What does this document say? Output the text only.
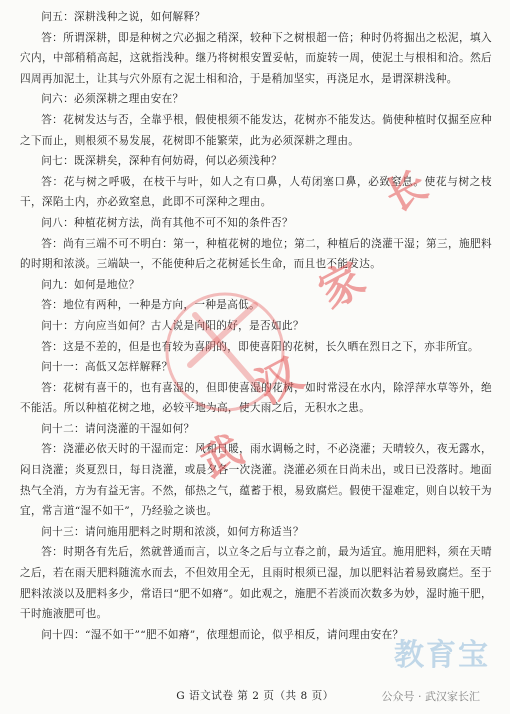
问五：深耕浅种之说，如何解释？

答：所谓深耕，即是种树之穴必掘之稍深，较种下之树根超一倍；种时仍将掘出之松泥，填入穴内，中部稍稍高起，这就指浅种。继乃将树根安置妥帖，而旋转一周，使泥土与根相和洽。然后四周再加泥土，让其与穴外原有之泥土相和洽，于是稍加坚实，再浇足水，是谓深耕浅种。

问六：必须深耕之理由安在？

答：花树发达与否，全靠乎根，假使根须不能发达，花树亦不能发达。倘使种植时仅掘至应种之下而止，则根须不易发展，花树即不能繁荣，此为必须深耕之理由。

问七：既深耕矣，深种有何妨碍，何以必须浅种？

答：花与树之呼吸，在枝干与叶，如人之有口鼻，人苟闭塞口鼻，必致窒息。使花与树之枝干，深陷土内，亦必致窒息，此即不可深种之理由。

问八：种植花树方法，尚有其他不可不知的条件否？

答：尚有三端不可不明白：第一，种植花树的地位；第二，种植后的浇灌干湿；第三，施肥料的时期和浓淡。三端缺一，不能使种后之花树延长生命，而且也不能发达。

问九：如何是地位？

答：地位有两种，一种是方向，一种是高低。

问十：方向应当如何？古人说是向阳的好，是否如此？

答：这是不差的，但是也有较为喜阴的，即使喜阳的花树，长久晒在烈日之下，亦非所宜。

问十一：高低又怎样解释？

答：花树有喜干的，也有喜湿的，但即使喜湿的花树，如时常浸在水内，除浮萍水草等外，绝不能活。所以种植花树之地，必较平地为高，使大雨之后，无积水之患。

问十二：请问浇灌的干湿如何？

答：浇灌必依天时的干湿而定：风和日暖，雨水调畅之时，不必浇灌；天晴较久，夜无露水，闷日浇灌；炎夏烈日，每日浇灌，或晨夕各一次浇灌。浇灌必须在日尚未出，或日已没落时。地面热气全消，方为有益无害。不然，郁热之气，蕴蓄于根，易致腐烂。假使干湿难定，则自以较干为宜，常言道“湿不如干”，乃经验之谈也。

问十三：请问施用肥料之时期和浓淡，如何方称适当？

答：时期各有先后，然就普通而言，以立冬之后与立春之前，最为适宜。施用肥料，须在天晴之后，若在雨天肥料随流水而去，不但效用全无，且雨时根须已湿，加以肥料沾着易致腐烂。至于肥料浓淡以及肥料多少，常语曰“肥不如瘠”。如此观之，施肥不若淡而次数多为妙，湿时施干肥，干时施液肥可也。

问十四：“湿不如干”“肥不如瘠”，依理想而论，似乎相反，请问理由安在？

G 语文试卷 第 2 页（共 8 页）
武
汉
家
长
教育宝
公众号 · 武汉家长汇
